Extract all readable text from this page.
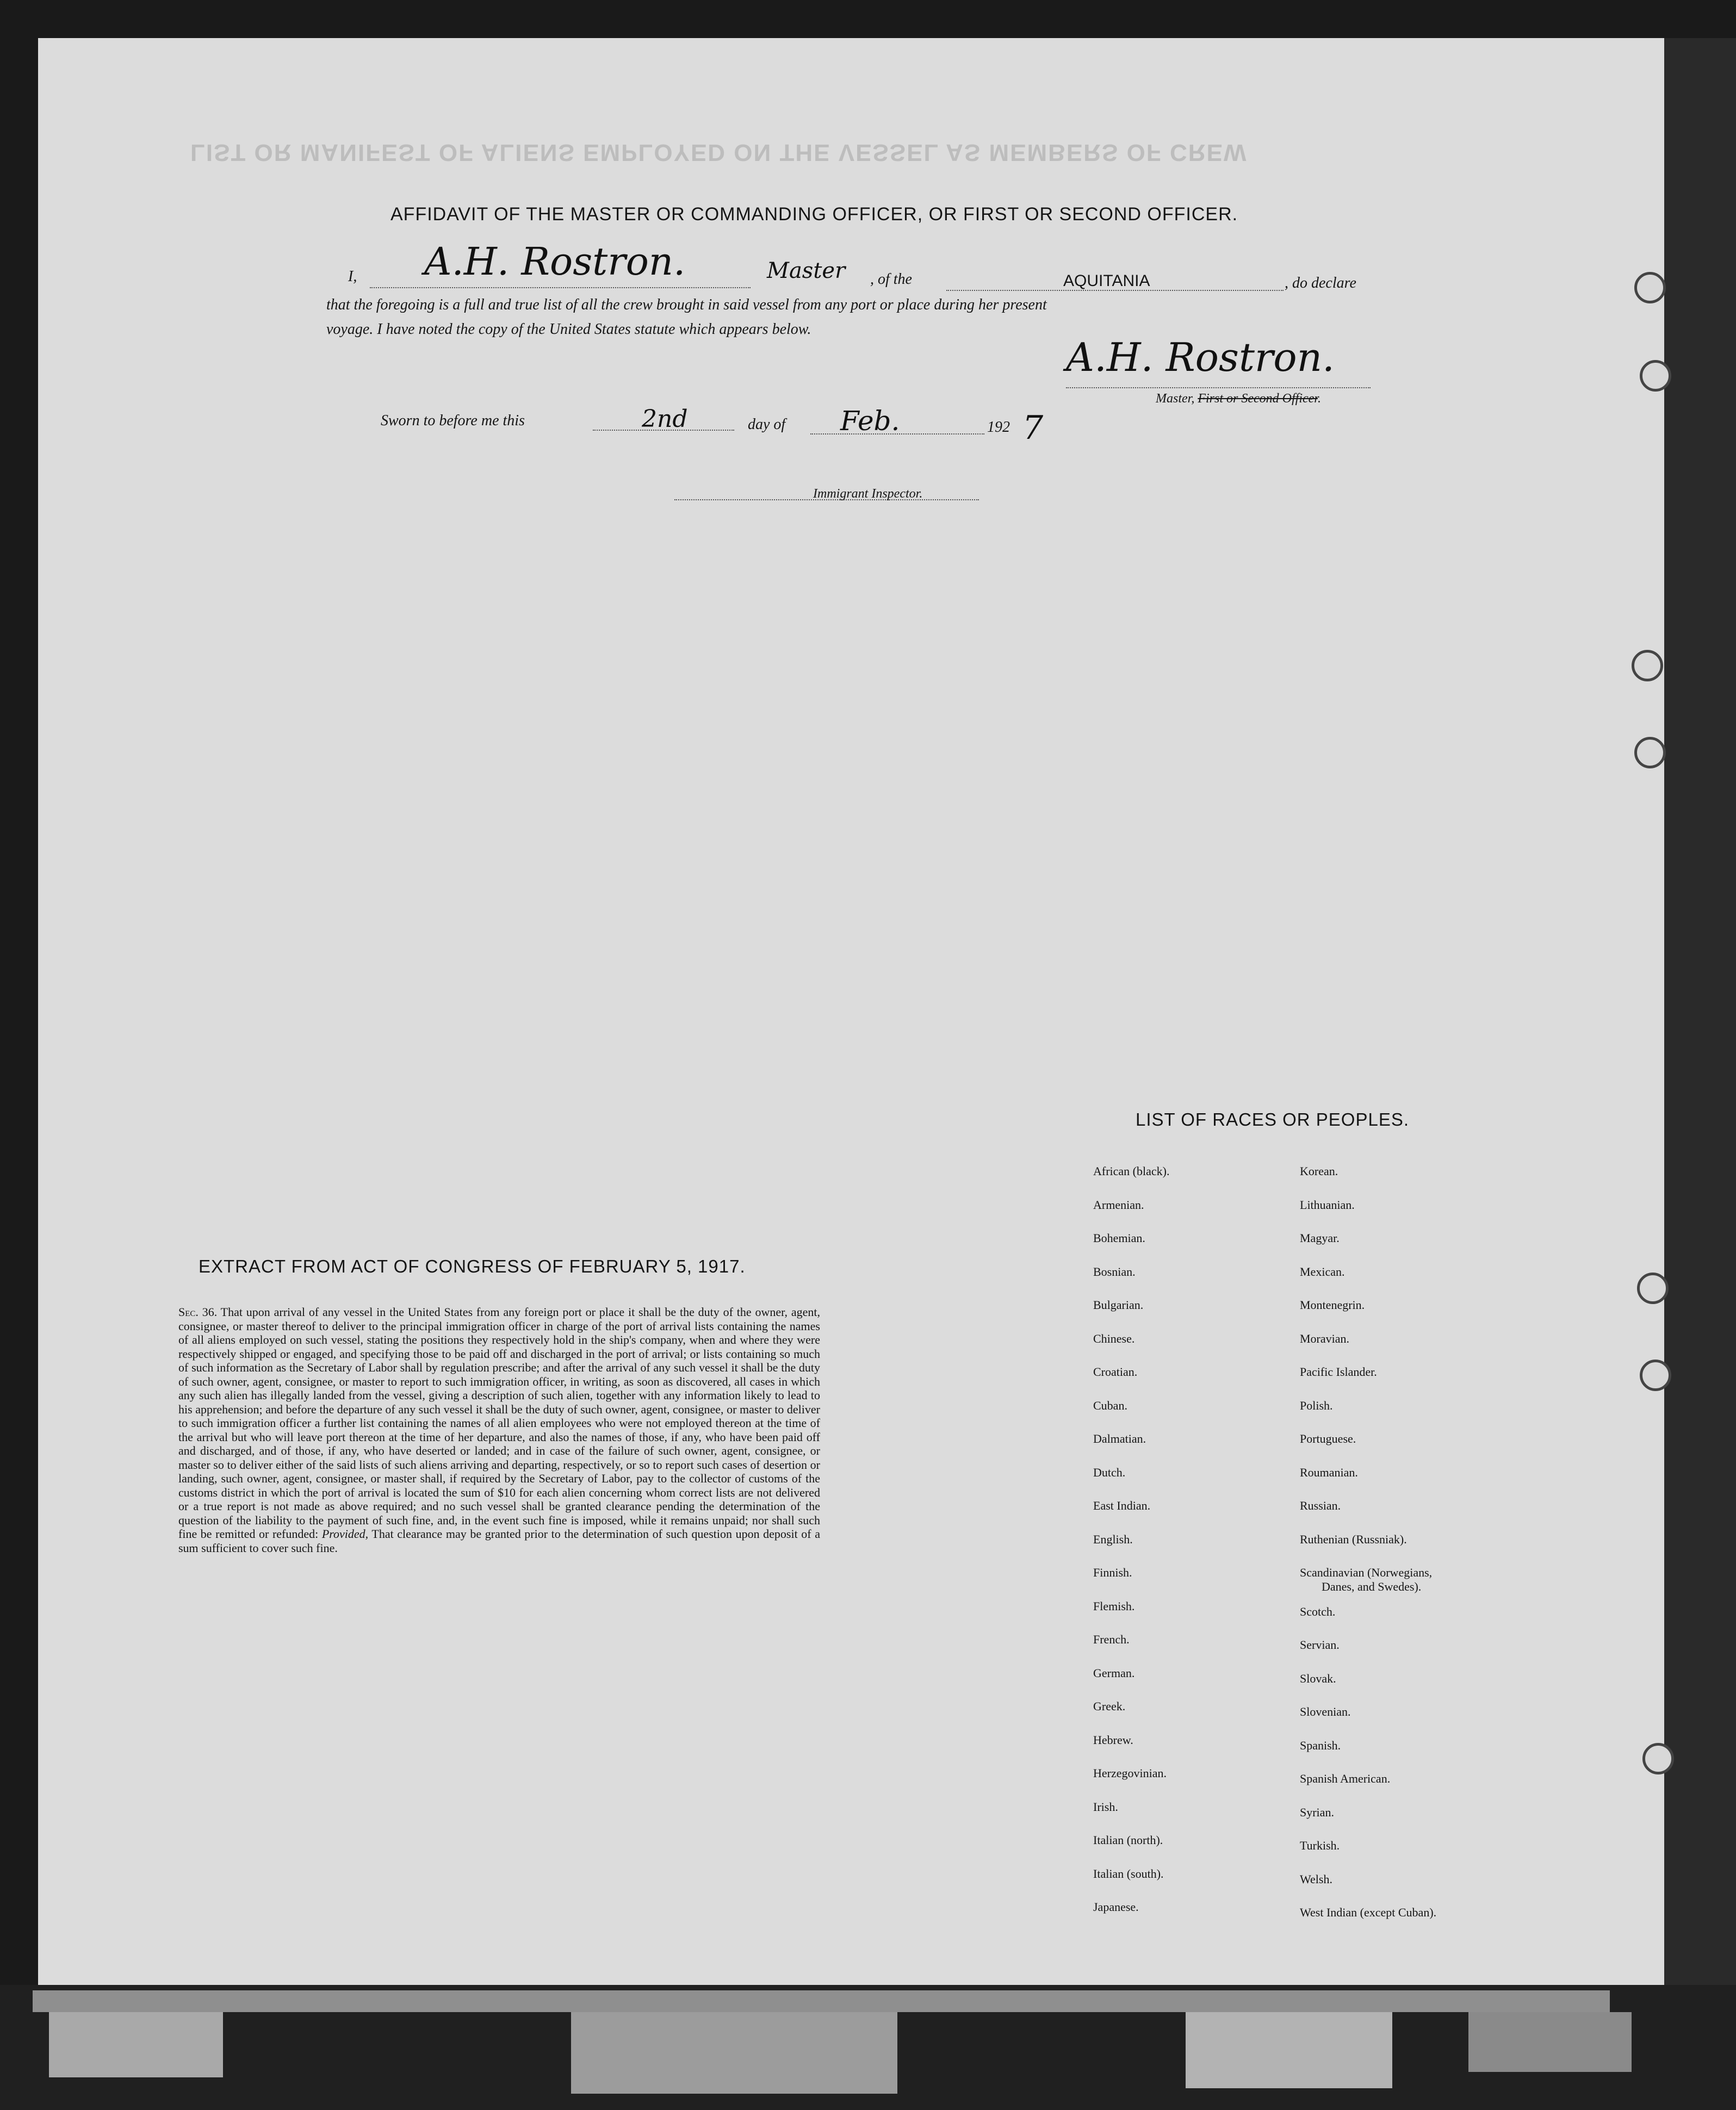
LIST OR MANIFEST OF ALIENS EMPLOYED ON THE VESSEL AS MEMBERS OF CREW
AFFIDAVIT OF THE MASTER OR COMMANDING OFFICER, OR FIRST OR SECOND OFFICER.
I, A.H. Rostron.	Master , of the	AQUITANIA	, do declare
that the foregoing is a full and true list of all the crew brought in said vessel from any port or place during her present
voyage. I have noted the copy of the United States statute which appears below.
A.H. Rostron.
Master, First or Second Officer.
Sworn to before me this	2nd	day of Feb.	192 7
Immigrant Inspector.
EXTRACT FROM ACT OF CONGRESS OF FEBRUARY 5, 1917.
Sec. 36. That upon arrival of any vessel in the United States from any foreign port or place it shall be the duty of the owner, agent, consignee, or master thereof to deliver to the principal immigration officer in charge of the port of arrival lists containing the names of all aliens employed on such vessel, stating the positions they respectively hold in the ship's company, when and where they were respectively shipped or engaged, and specifying those to be paid off and discharged in the port of arrival; or lists containing so much of such information as the Secretary of Labor shall by regulation prescribe; and after the arrival of any such vessel it shall be the duty of such owner, agent, consignee, or master to report to such immigration officer, in writing, as soon as discovered, all cases in which any such alien has illegally landed from the vessel, giving a description of such alien, together with any information likely to lead to his apprehension; and before the departure of any such vessel it shall be the duty of such owner, agent, consignee, or master to deliver to such immigration officer a further list containing the names of all alien employees who were not employed thereon at the time of the arrival but who will leave port thereon at the time of her departure, and also the names of those, if any, who have been paid off and discharged, and of those, if any, who have deserted or landed; and in case of the failure of such owner, agent, consignee, or master so to deliver either of the said lists of such aliens arriving and departing, respectively, or so to report such cases of desertion or landing, such owner, agent, consignee, or master shall, if required by the Secretary of Labor, pay to the collector of customs of the customs district in which the port of arrival is located the sum of $10 for each alien concerning whom correct lists are not delivered or a true report is not made as above required; and no such vessel shall be granted clearance pending the determination of the question of the liability to the payment of such fine, and, in the event such fine is imposed, while it remains unpaid; nor shall such fine be remitted or refunded: Provided, That clearance may be granted prior to the determination of such question upon deposit of a sum sufficient to cover such fine.
LIST OF RACES OR PEOPLES.
African (black).
Armenian.
Bohemian.
Bosnian.
Bulgarian.
Chinese.
Croatian.
Cuban.
Dalmatian.
Dutch.
East Indian.
English.
Finnish.
Flemish.
French.
German.
Greek.
Hebrew.
Herzegovinian.
Irish.
Italian (north).
Italian (south).
Japanese.
Korean.
Lithuanian.
Magyar.
Mexican.
Montenegrin.
Moravian.
Pacific Islander.
Polish.
Portuguese.
Roumanian.
Russian.
Ruthenian (Russniak).
Scandinavian (Norwegians,
Danes, and Swedes).
Scotch.
Servian.
Slovak.
Slovenian.
Spanish.
Spanish American.
Syrian.
Turkish.
Welsh.
West Indian (except Cuban).
